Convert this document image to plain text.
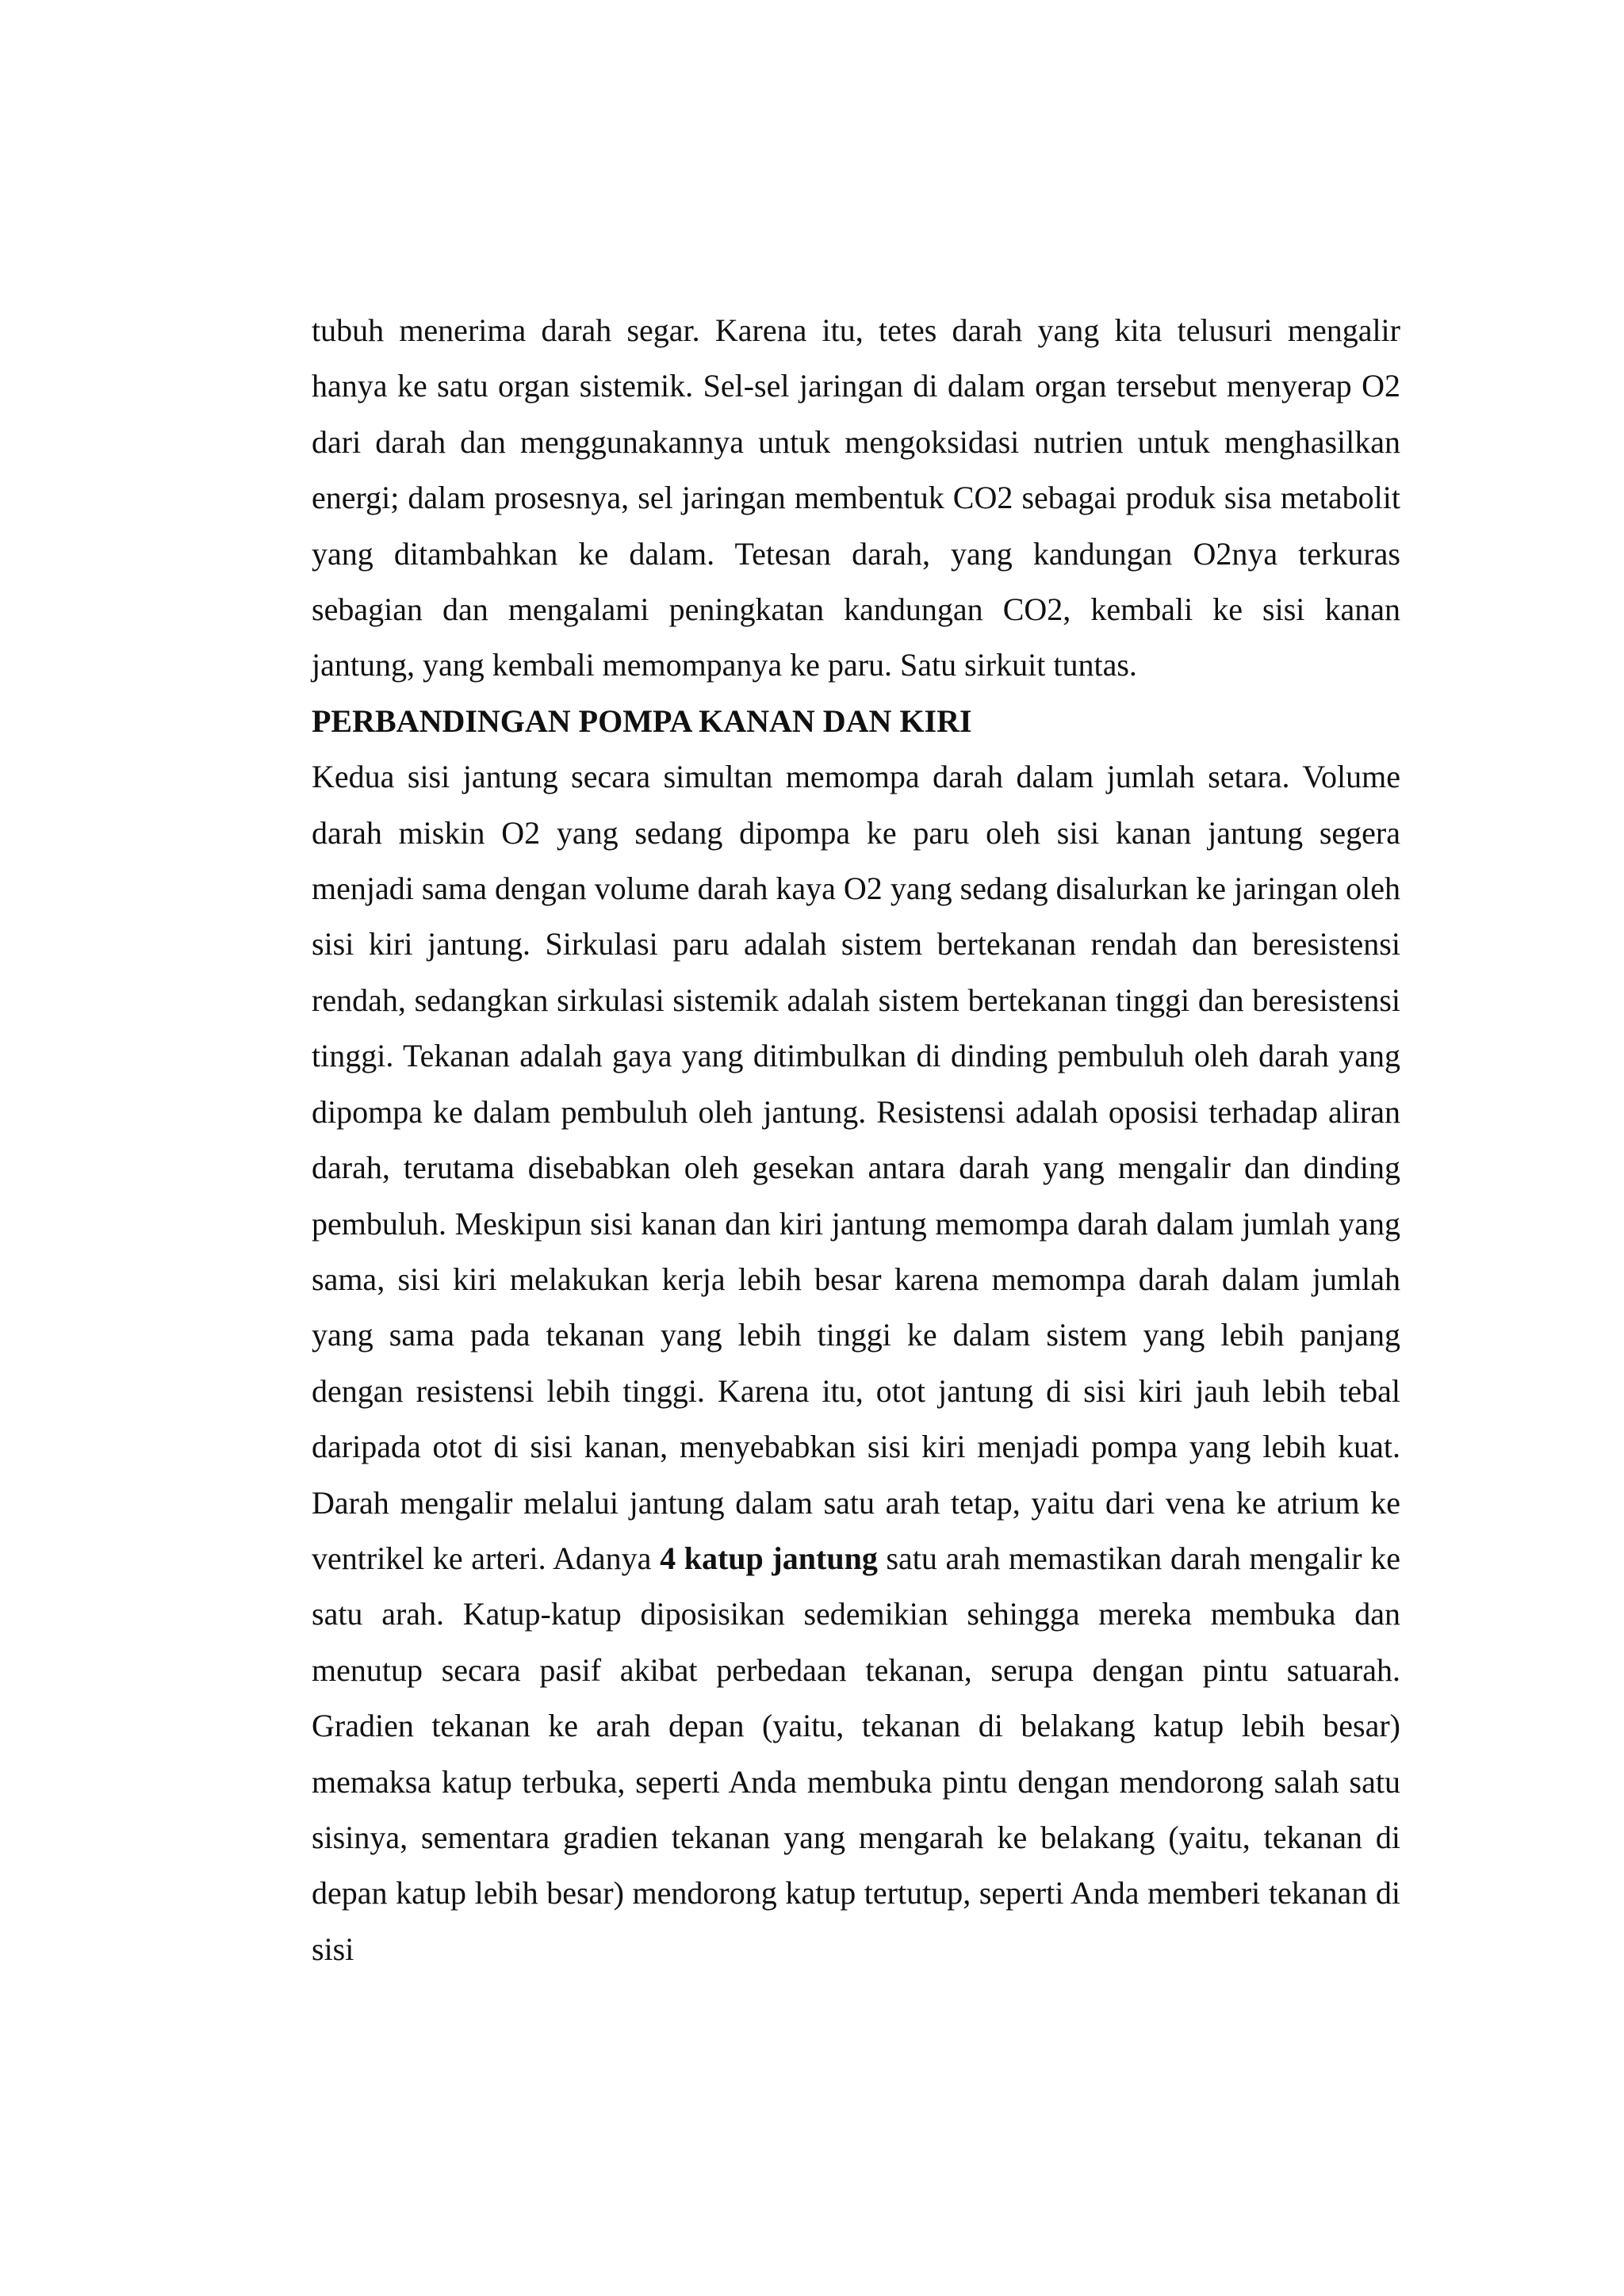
tubuh menerima darah segar. Karena itu, tetes darah yang kita telusuri mengalir hanya ke satu organ sistemik. Sel-sel jaringan di dalam organ tersebut menyerap O2 dari darah dan menggunakannya untuk mengoksidasi nutrien untuk menghasilkan energi; dalam prosesnya, sel jaringan membentuk CO2 sebagai produk sisa metabolit yang ditambahkan ke dalam. Tetesan darah, yang kandungan O2nya terkuras sebagian dan mengalami peningkatan kandungan CO2, kembali ke sisi kanan jantung, yang kembali memompanya ke paru. Satu sirkuit tuntas.

PERBANDINGAN POMPA KANAN DAN KIRI

Kedua sisi jantung secara simultan memompa darah dalam jumlah setara. Volume darah miskin O2 yang sedang dipompa ke paru oleh sisi kanan jantung segera menjadi sama dengan volume darah kaya O2 yang sedang disalurkan ke jaringan oleh sisi kiri jantung. Sirkulasi paru adalah sistem bertekanan rendah dan beresistensi rendah, sedangkan sirkulasi sistemik adalah sistem bertekanan tinggi dan beresistensi tinggi. Tekanan adalah gaya yang ditimbulkan di dinding pembuluh oleh darah yang dipompa ke dalam pembuluh oleh jantung. Resistensi adalah oposisi terhadap aliran darah, terutama disebabkan oleh gesekan antara darah yang mengalir dan dinding pembuluh. Meskipun sisi kanan dan kiri jantung memompa darah dalam jumlah yang sama, sisi kiri melakukan kerja lebih besar karena memompa darah dalam jumlah yang sama pada tekanan yang lebih tinggi ke dalam sistem yang lebih panjang dengan resistensi lebih tinggi. Karena itu, otot jantung di sisi kiri jauh lebih tebal daripada otot di sisi kanan, menyebabkan sisi kiri menjadi pompa yang lebih kuat. Darah mengalir melalui jantung dalam satu arah tetap, yaitu dari vena ke atrium ke ventrikel ke arteri. Adanya 4 katup jantung satu arah memastikan darah mengalir ke satu arah. Katup-katup diposisikan sedemikian sehingga mereka membuka dan menutup secara pasif akibat perbedaan tekanan, serupa dengan pintu satuarah. Gradien tekanan ke arah depan (yaitu, tekanan di belakang katup lebih besar) memaksa katup terbuka, seperti Anda membuka pintu dengan mendorong salah satu sisinya, sementara gradien tekanan yang mengarah ke belakang (yaitu, tekanan di depan katup lebih besar) mendorong katup tertutup, seperti Anda memberi tekanan di sisi
